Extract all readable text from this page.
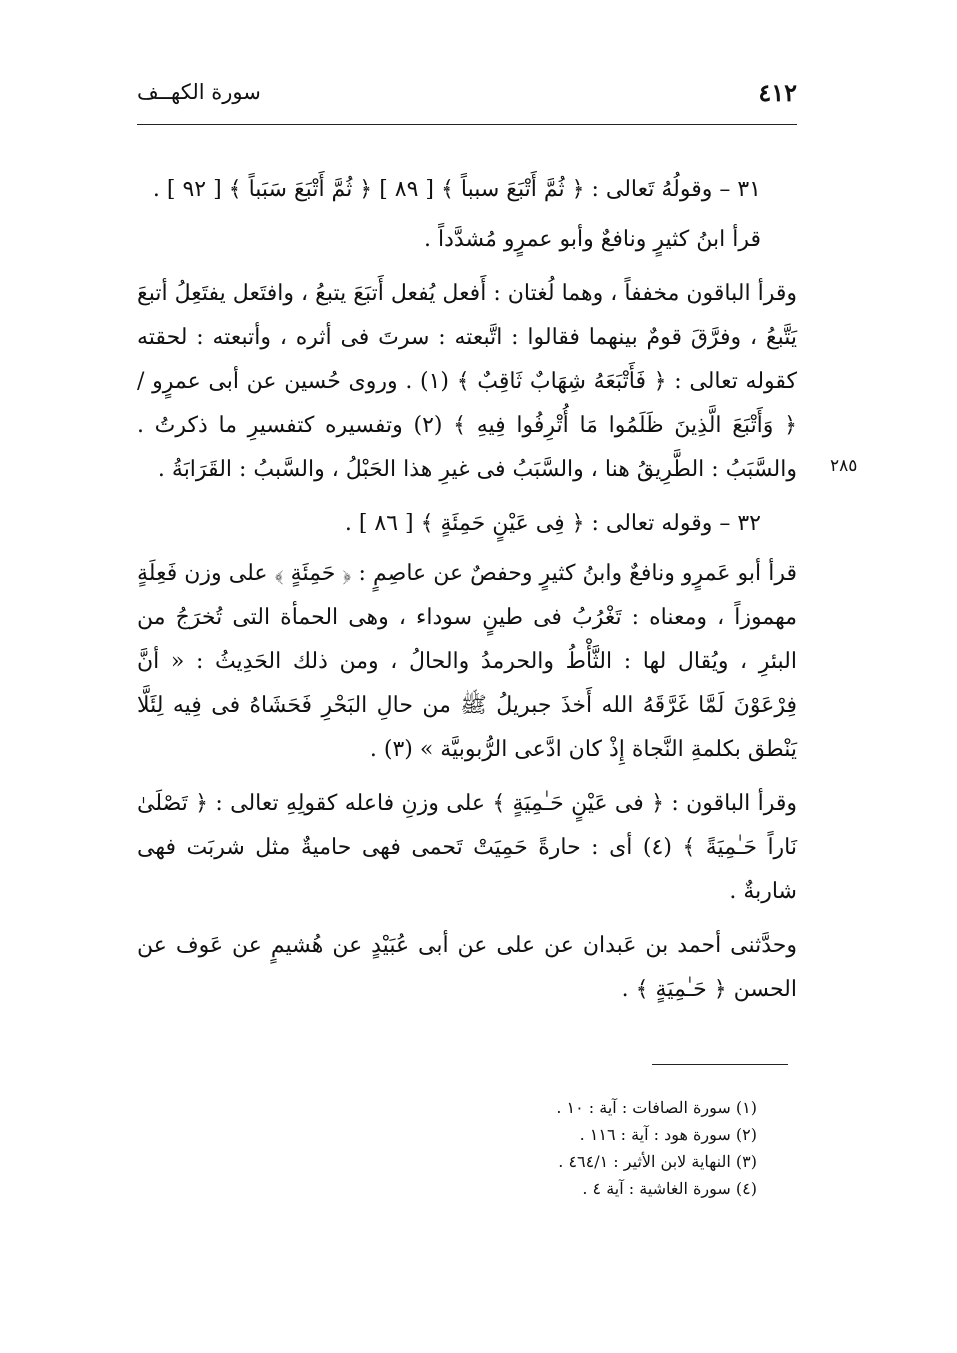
٤١٢
سورة الكهــف
٢٨٥

٣١ – وقولُهُ تَعالى : ﴿ ثُمَّ أَتْبَعَ سبباً ﴾ [ ٨٩ ] ﴿ ثُمَّ أَتْبَعَ سَبَباً ﴾ [ ٩٢ ] .

قرأ ابنُ كثيرٍ ونافعٌ وأبو عمرٍو مُشدَّداً .

وقرأ الباقون مخففاً ، وهما لُغتان : أَفعل يُفعل أَتبَعَ يتبعُ ، وافتَعل يفتَعِلُ أتبعَ يَتَّبعُ ، وفرَّقَ قومٌ بينهما فقالوا : اتَّبعته : سرتَ فى أثره ، وأتبعته : لحقته كقوله تعالى : ﴿ فَأَتْبَعَهُ شِهَابٌ ثَاقِبٌ ﴾ (١) . وروى حُسين عن أبى عمرٍو / ﴿ وَأَتْبَعَ الَّذِينَ ظَلَمُوا مَا أُتْرِفُوا فِيهِ ﴾ (٢) وتفسيره كتفسيرِ ما ذكرتُ . والسَّبَبُ : الطَّرِيقُ هنا ، والسَّبَبُ فى غيرِ هذا الحَبْلُ ، والسَّببُ : القَرَابَةُ .

٣٢ – وقوله تعالى : ﴿ فِى عَيْنٍ حَمِئَةٍ ﴾ [ ٨٦ ] .

قرأ أبو عَمرٍو ونافعٌ وابنُ كثيرٍ وحفصٌ عن عاصِمٍ : ﴿ حَمِئَةٍ ﴾ على وزن فَعِلَةٍ مهموزاً ، ومعناه : تَغْرُبُ فى طينٍ سوداء ، وهى الحمأة التى تُخرَجُ من البئرِ ، ويُقال لها : الثَّأْطُ والحرمدُ والحالُ ، ومن ذلك الحَدِيثُ : « أنَّ فِرْعَوْنَ لَمَّا غَرَّقَهُ الله أَخذَ جبريلُ ﷺ من حالِ البَحْرِ فَحَشَاهُ فى فِيه لِئَلَّا يَنْطق بكلمةِ النَّجاة إِذْ كان ادَّعى الرُّبوبيَّة » (٣) .

وقرأ الباقون : ﴿ فى عَيْنٍ حَـٰمِيَةٍ ﴾ على وزنِ فاعله كقولِهِ تعالى : ﴿ تَصْلَىٰ نَاراً حَـٰمِيَةً ﴾ (٤) أى : حارةً حَمِيَتْ تَحمى فهى حاميةٌ مثل شربَت فهى شاربةٌ .

وحدَّثنى أحمد بن عَبدان عن على عن أبى عُبَيْدٍ عن هُشيمٍ عن عَوف عن الحسن ﴿ حَـٰمِيَةٍ ﴾ .

(١) سورة الصافات : آية : ١٠ .
(٢) سورة هود : آية : ١١٦ .
(٣) النهاية لابن الأثير : ٤٦٤/١ .
(٤) سورة الغاشية : آية ٤ .
